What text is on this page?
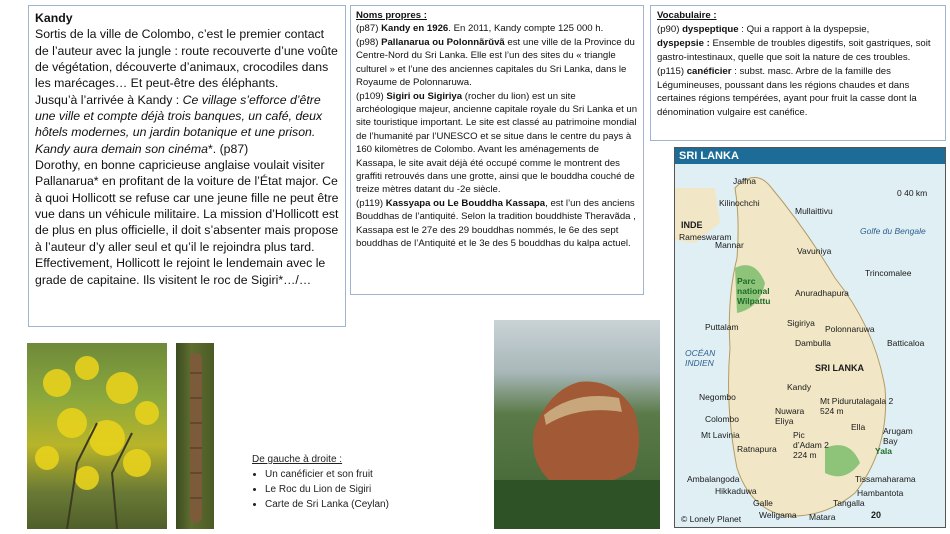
Kandy
Sortis de la ville de Colombo, c’est le premier contact de l’auteur avec la jungle : route recouverte d’une voûte de végétation, découverte d’animaux, crocodiles dans les marécages… Et peut-être des éléphants.
Jusqu’à l’arrivée à Kandy : Ce village s’efforce d’être une ville et compte déjà trois banques, un café, deux hôtels modernes, un jardin botanique et une prison. Kandy aura demain son cinéma*. (p87)
Dorothy, en bonne capricieuse anglaise voulait visiter Pallanarua* en profitant de la voiture de l’État major. Ce à quoi Hollicott se refuse car une jeune fille ne peut être vue dans un véhicule militaire. La mission d’Hollicott est de plus en plus officielle, il doit s’absenter mais propose à l’auteur d’y aller seul et qu’il le rejoindra plus tard.
Effectivement, Hollicott le rejoint le lendemain avec le grade de capitaine. Ils visitent le roc de Sigiri*…/…
Noms propres :
(p87) Kandy en 1926. En 2011, Kandy compte 125 000 h.
(p98) Pallanarua ou Polonnãrŭvã est une ville de la Province du Centre-Nord du Sri Lanka. Elle est l’un des sites du « triangle culturel » et l’une des anciennes capitales du Sri Lanka, dans le Royaume de Polonnaruwa.
(p109) Sigiri ou Sigiriya (rocher du lion) est un site archéologique majeur, ancienne capitale royale du Sri Lanka et un site touristique important. Le site est classé au patrimoine mondial de l’humanité par l’UNESCO et se situe dans le centre du pays à 160 kilomètres de Colombo. Avant les aménagements de Kassapa, le site avait déjà été occupé comme le montrent des graffiti retrouvés dans une grotte, ainsi que le bouddha couché de treize mètres datant du -2e siècle.
(p119) Kassyapa ou Le Bouddha Kassapa, est l’un des anciens Bouddhas de l’antiquité. Selon la tradition bouddhiste Theravãda , Kassapa est le 27e des 29 bouddhas nommés, le 6e des sept bouddhas de l’Antiquité et le 3e des 5 bouddhas du kalpa actuel.
Vocabulaire :
(p90) dyspeptique : Qui a rapport à la dyspepsie,
dyspepsie : Ensemble de troubles digestifs, soit gastriques, soit gastro-intestinaux, quelle que soit la nature de ces troubles.
(p115) canéficier : subst. masc. Arbre de la famille des Légumineuses, poussant dans les régions chaudes et dans certaines régions tempérées, ayant pour fruit la casse dont la dénomination vulgaire est canéfice.
De gauche à droite :
• Un canéficier et son fruit
• Le Roc du Lion de Sigiri
• Carte de Sri Lanka (Ceylan)
SRI LANKA
0 40 km
INDE
Golfe du Bengale
OCÉAN INDIEN
Parc national Wilpattu
SRI LANKA
Mt Pidurutalagala 2 524 m
Pic d’Adam 2 224 m	Yala
© Lonely Planet	20
Jaffna
Kilinochchi
Mullaittivu
Rameswaram
Mannar
Vavuniya
Trincomalee
Anuradhapura
Sigiriya
Polonnaruwa
Puttalam
Dambulla	Batticaloa
Kandy
Negombo
Nuwara Eliya
Colombo
Mt Lavinia
Ratnapura
Ella Arugam Bay
Tissamaharama
Ambalangoda
Hikkaduwa
Galle
Hambantota
Tangalla
Weligama Matara
